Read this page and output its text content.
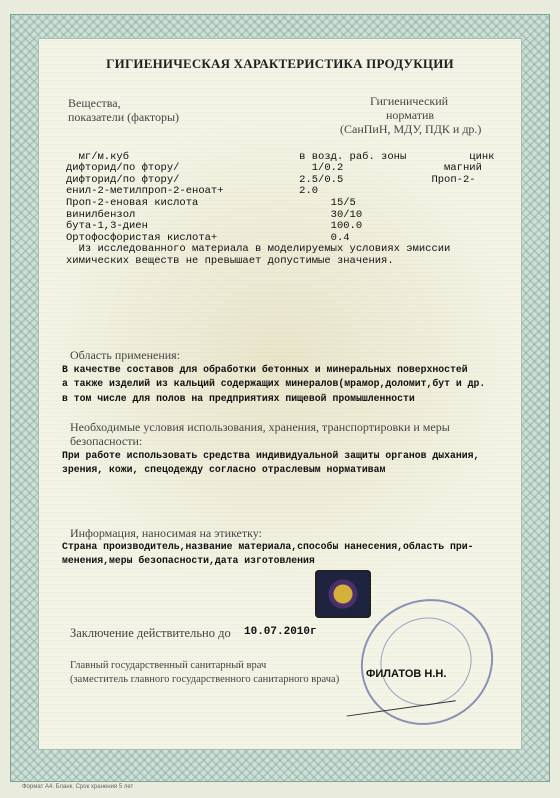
ГИГИЕНИЧЕСКАЯ ХАРАКТЕРИСТИКА ПРОДУКЦИИ
Вещества,
показатели (факторы)
Гигиенический
норматив
(СанПиН, МДУ, ПДК и др.)

мг/м.куб                           в возд. раб. зоны          цинк
дифторид/по фтору/                     1/0.2                магний
дифторид/по фтору/                   2.5/0.5              Проп-2-
енил-2-метилпроп-2-еноат+            2.0
Проп-2-еновая кислота                     15/5
винилбензол                               30/10
бута-1,3-диен                             100.0
Ортофосфористая кислота+                  0.4
Из исследованного материала в моделируемых условиях эмиссии
химических веществ не превышает допустимые значения.

Область применения:
В качестве составов для обработки бетонных и минеральных поверхностей
а также изделий из кальций содержащих минералов(мрамор,доломит,бут и др.
в том числе для полов на предприятиях пищевой промышленности
Необходимые условия использования, хранения, транспортировки и меры
безопасности:
При работе использовать средства индивидуальной защиты органов дыхания,
зрения, кожи, спецодежду согласно отраслевым нормативам
Информация, наносимая на этикетку:
Страна производитель,название материала,способы нанесения,область при-
менения,меры безопасности,дата изготовления
Заключение действительно до 10.07.2010г
Главный государственный санитарный врач
(заместитель главного государственного санитарного врача) ФИЛАТОВ Н.Н.
Формат А4. Бланк. Срок хранения 5 лет
